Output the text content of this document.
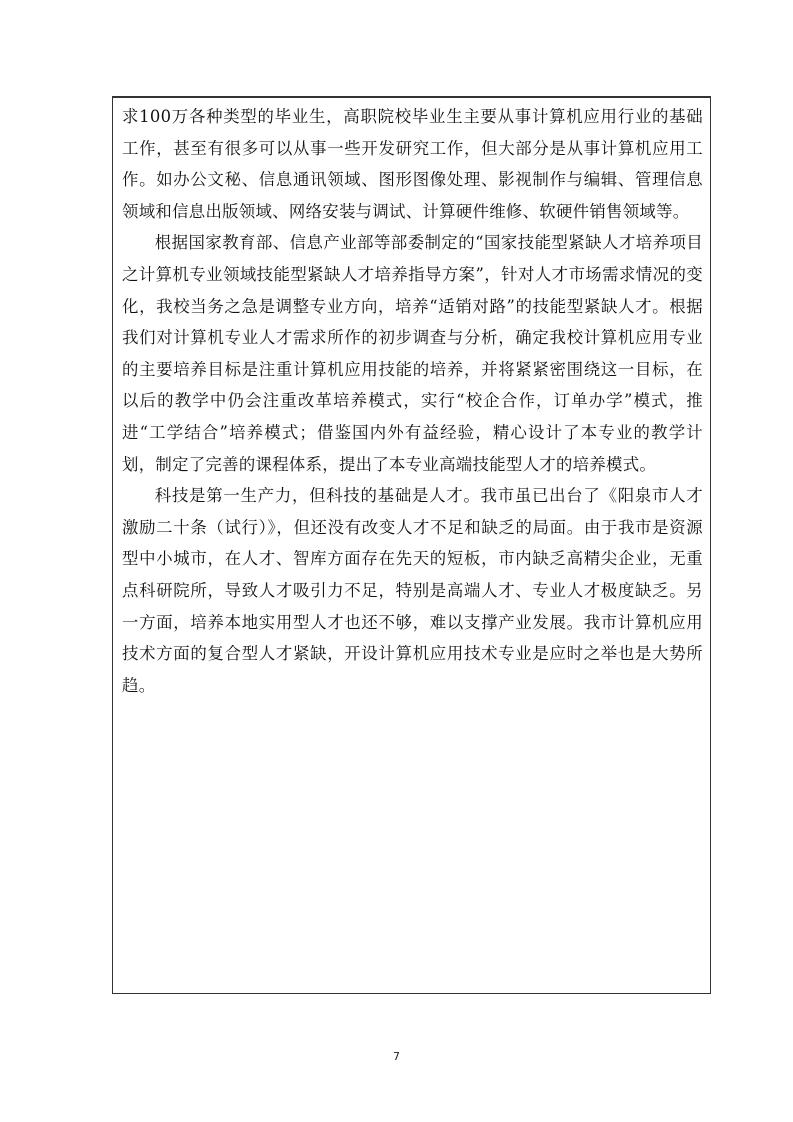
求100万各种类型的毕业生，高职院校毕业生主要从事计算机应用行业的基础工作，甚至有很多可以从事一些开发研究工作，但大部分是从事计算机应用工作。如办公文秘、信息通讯领域、图形图像处理、影视制作与编辑、管理信息领域和信息出版领域、网络安装与调试、计算硬件维修、软硬件销售领域等。

根据国家教育部、信息产业部等部委制定的“国家技能型紧缺人才培养项目之计算机专业领域技能型紧缺人才培养指导方案”，针对人才市场需求情况的变化，我校当务之急是调整专业方向，培养“适销对路”的技能型紧缺人才。根据我们对计算机专业人才需求所作的初步调查与分析，确定我校计算机应用专业的主要培养目标是注重计算机应用技能的培养，并将紧紧密围绕这一目标，在以后的教学中仍会注重改革培养模式，实行“校企合作，订单办学”模式，推进“工学结合”培养模式；借鉴国内外有益经验，精心设计了本专业的教学计划，制定了完善的课程体系，提出了本专业高端技能型人才的培养模式。

科技是第一生产力，但科技的基础是人才。我市虽已出台了《阳泉市人才激励二十条（试行）》，但还没有改变人才不足和缺乏的局面。由于我市是资源型中小城市，在人才、智库方面存在先天的短板，市内缺乏高精尖企业，无重点科研院所，导致人才吸引力不足，特别是高端人才、专业人才极度缺乏。另一方面，培养本地实用型人才也还不够，难以支撑产业发展。我市计算机应用技术方面的复合型人才紧缺，开设计算机应用技术专业是应时之举也是大势所趋。

7
